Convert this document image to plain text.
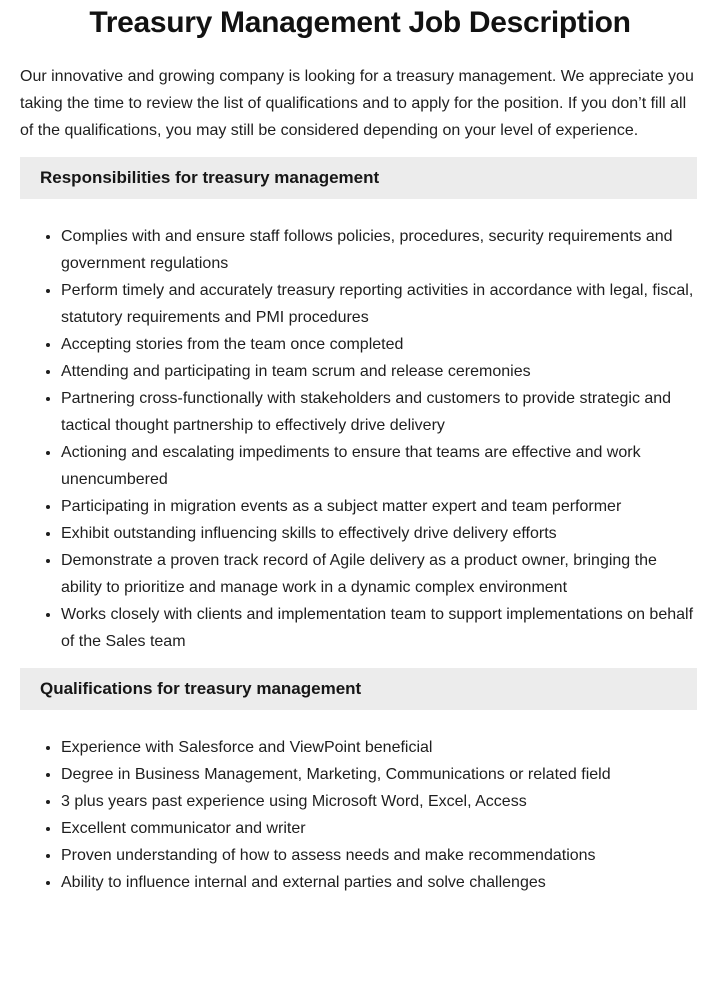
Treasury Management Job Description

Our innovative and growing company is looking for a treasury management. We appreciate you taking the time to review the list of qualifications and to apply for the position. If you don’t fill all of the qualifications, you may still be considered depending on your level of experience.

Responsibilities for treasury management
• Complies with and ensure staff follows policies, procedures, security requirements and government regulations
• Perform timely and accurately treasury reporting activities in accordance with legal, fiscal, statutory requirements and PMI procedures
• Accepting stories from the team once completed
• Attending and participating in team scrum and release ceremonies
• Partnering cross-functionally with stakeholders and customers to provide strategic and tactical thought partnership to effectively drive delivery
• Actioning and escalating impediments to ensure that teams are effective and work unencumbered
• Participating in migration events as a subject matter expert and team performer
• Exhibit outstanding influencing skills to effectively drive delivery efforts
• Demonstrate a proven track record of Agile delivery as a product owner, bringing the ability to prioritize and manage work in a dynamic complex environment
• Works closely with clients and implementation team to support implementations on behalf of the Sales team
Qualifications for treasury management
• Experience with Salesforce and ViewPoint beneficial
• Degree in Business Management, Marketing, Communications or related field
• 3 plus years past experience using Microsoft Word, Excel, Access
• Excellent communicator and writer
• Proven understanding of how to assess needs and make recommendations
• Ability to influence internal and external parties and solve challenges
